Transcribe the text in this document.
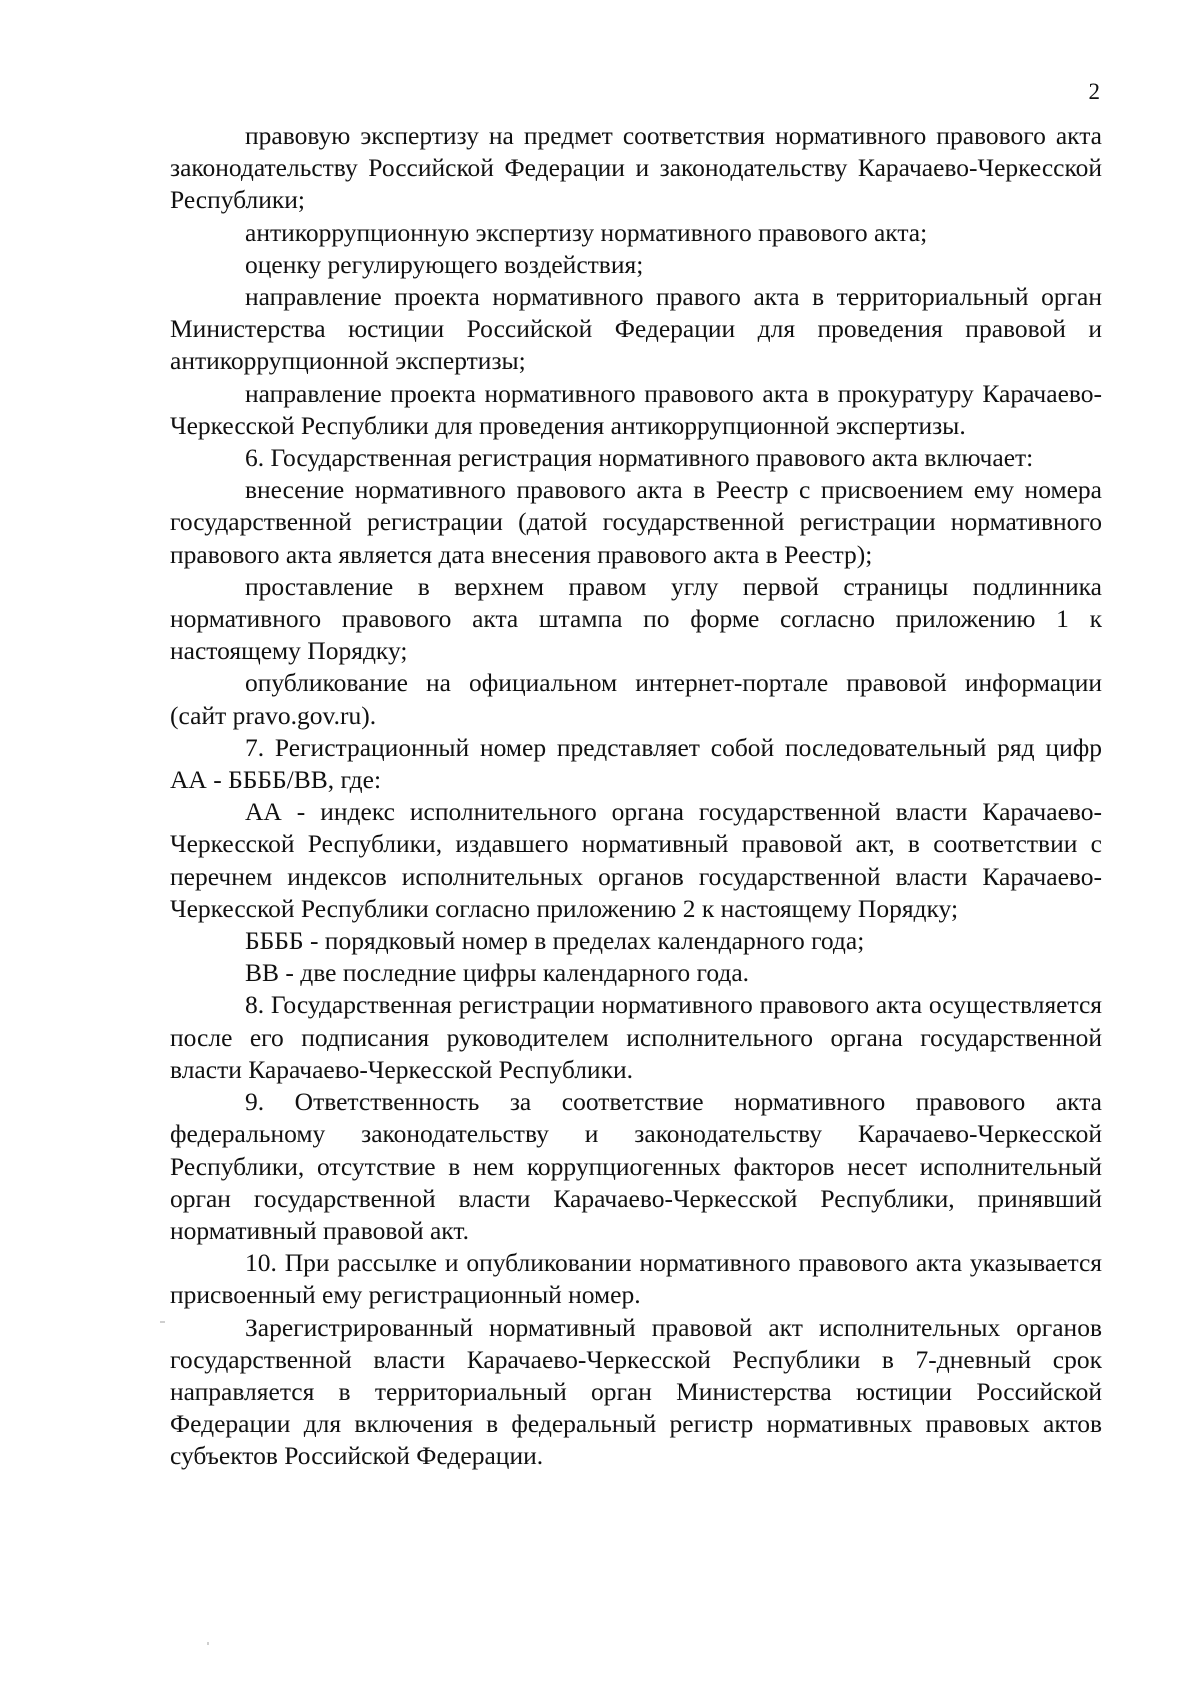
2

правовую экспертизу на предмет соответствия нормативного правового акта законодательству Российской Федерации и законодательству Карачаево-Черкесской Республики;

антикоррупционную экспертизу нормативного правового акта;

оценку регулирующего воздействия;

направление проекта нормативного правого акта в территориальный орган Министерства юстиции Российской Федерации для проведения правовой и антикоррупционной экспертизы;

направление проекта нормативного правового акта в прокуратуру Карачаево-Черкесской Республики для проведения антикоррупционной экспертизы.

6. Государственная регистрация нормативного правового акта включает:

внесение нормативного правового акта в Реестр с присвоением ему номера государственной регистрации (датой государственной регистрации нормативного правового акта является дата внесения правового акта в Реестр);

проставление в верхнем правом углу первой страницы подлинника нормативного правового акта штампа по форме согласно приложению 1 к настоящему Порядку;

опубликование на официальном интернет-портале правовой информации (сайт pravo.gov.ru).

7. Регистрационный номер представляет собой последовательный ряд цифр АА - ББББ/ВВ, где:

АА - индекс исполнительного органа государственной власти Карачаево-Черкесской Республики, издавшего нормативный правовой акт, в соответствии с перечнем индексов исполнительных органов государственной власти Карачаево-Черкесской Республики согласно приложению 2 к настоящему Порядку;

ББББ - порядковый номер в пределах календарного года;

ВВ - две последние цифры календарного года.

8. Государственная регистрации нормативного правового акта осуществляется после его подписания руководителем исполнительного органа государственной власти Карачаево-Черкесской Республики.

9. Ответственность за соответствие нормативного правового акта федеральному законодательству и законодательству Карачаево-Черкесской Республики, отсутствие в нем коррупциогенных факторов несет исполнительный орган государственной власти Карачаево-Черкесской Республики, принявший нормативный правовой акт.

10. При рассылке и опубликовании нормативного правового акта указывается присвоенный ему регистрационный номер.

Зарегистрированный нормативный правовой акт исполнительных органов государственной власти Карачаево-Черкесской Республики в 7-дневный срок направляется в территориальный орган Министерства юстиции Российской Федерации для включения в федеральный регистр нормативных правовых актов субъектов Российской Федерации.
